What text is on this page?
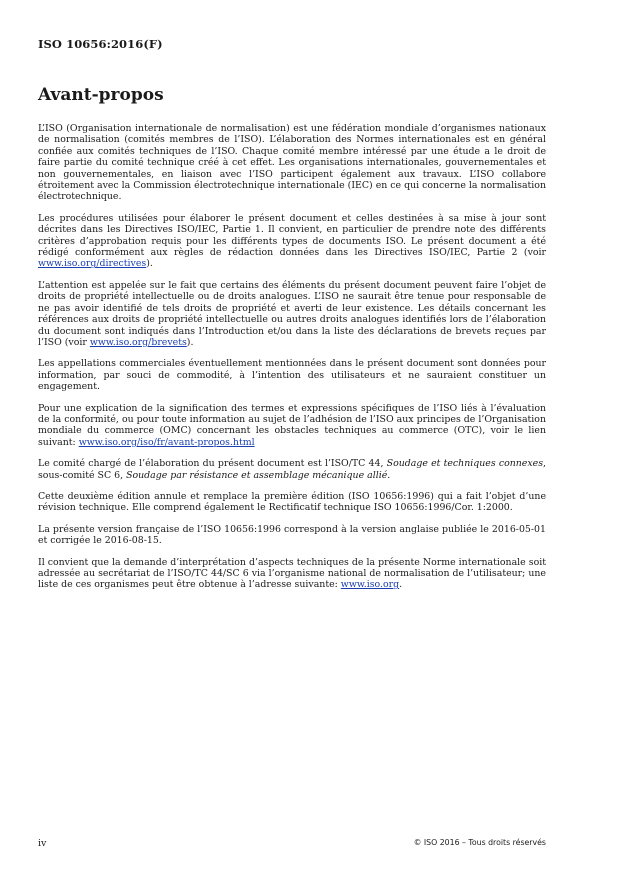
ISO 10656:2016(F)
Avant-propos

L’ISO (Organisation internationale de normalisation) est une fédération mondiale d’organismes nationaux de normalisation (comités membres de l’ISO). L’élaboration des Normes internationales est en général confiée aux comités techniques de l’ISO. Chaque comité membre intéressé par une étude a le droit de faire partie du comité technique créé à cet effet. Les organisations internationales, gouvernementales et non gouvernementales, en liaison avec l’ISO participent également aux travaux. L’ISO collabore étroitement avec la Commission électrotechnique internationale (IEC) en ce qui concerne la normalisation électrotechnique.

Les procédures utilisées pour élaborer le présent document et celles destinées à sa mise à jour sont décrites dans les Directives ISO/IEC, Partie 1. Il convient, en particulier de prendre note des différents critères d’approbation requis pour les différents types de documents ISO. Le présent document a été rédigé conformément aux règles de rédaction données dans les Directives ISO/IEC, Partie 2 (voir www.iso.org/directives).

L’attention est appelée sur le fait que certains des éléments du présent document peuvent faire l’objet de droits de propriété intellectuelle ou de droits analogues. L’ISO ne saurait être tenue pour responsable de ne pas avoir identifié de tels droits de propriété et averti de leur existence. Les détails concernant les références aux droits de propriété intellectuelle ou autres droits analogues identifiés lors de l’élaboration du document sont indiqués dans l’Introduction et/ou dans la liste des déclarations de brevets reçues par l’ISO (voir www.iso.org/brevets).

Les appellations commerciales éventuellement mentionnées dans le présent document sont données pour information, par souci de commodité, à l’intention des utilisateurs et ne sauraient constituer un engagement.

Pour une explication de la signification des termes et expressions spécifiques de l’ISO liés à l’évaluation de la conformité, ou pour toute information au sujet de l’adhésion de l’ISO aux principes de l’Organisation mondiale du commerce (OMC) concernant les obstacles techniques au commerce (OTC), voir le lien suivant: www.iso.org/iso/fr/avant-propos.html

Le comité chargé de l’élaboration du présent document est l’ISO/TC 44, Soudage et techniques connexes, sous-comité SC 6, Soudage par résistance et assemblage mécanique allié.

Cette deuxième édition annule et remplace la première édition (ISO 10656:1996) qui a fait l’objet d’une révision technique. Elle comprend également le Rectificatif technique ISO 10656:1996/Cor. 1:2000.

La présente version française de l’ISO 10656:1996 correspond à la version anglaise publiée le 2016-05-01 et corrigée le 2016-08-15.

Il convient que la demande d’interprétation d’aspects techniques de la présente Norme internationale soit adressée au secrétariat de l’ISO/TC 44/SC 6 via l’organisme national de normalisation de l’utilisateur; une liste de ces organismes peut être obtenue à l’adresse suivante: www.iso.org.

iv	© ISO 2016 – Tous droits réservés
